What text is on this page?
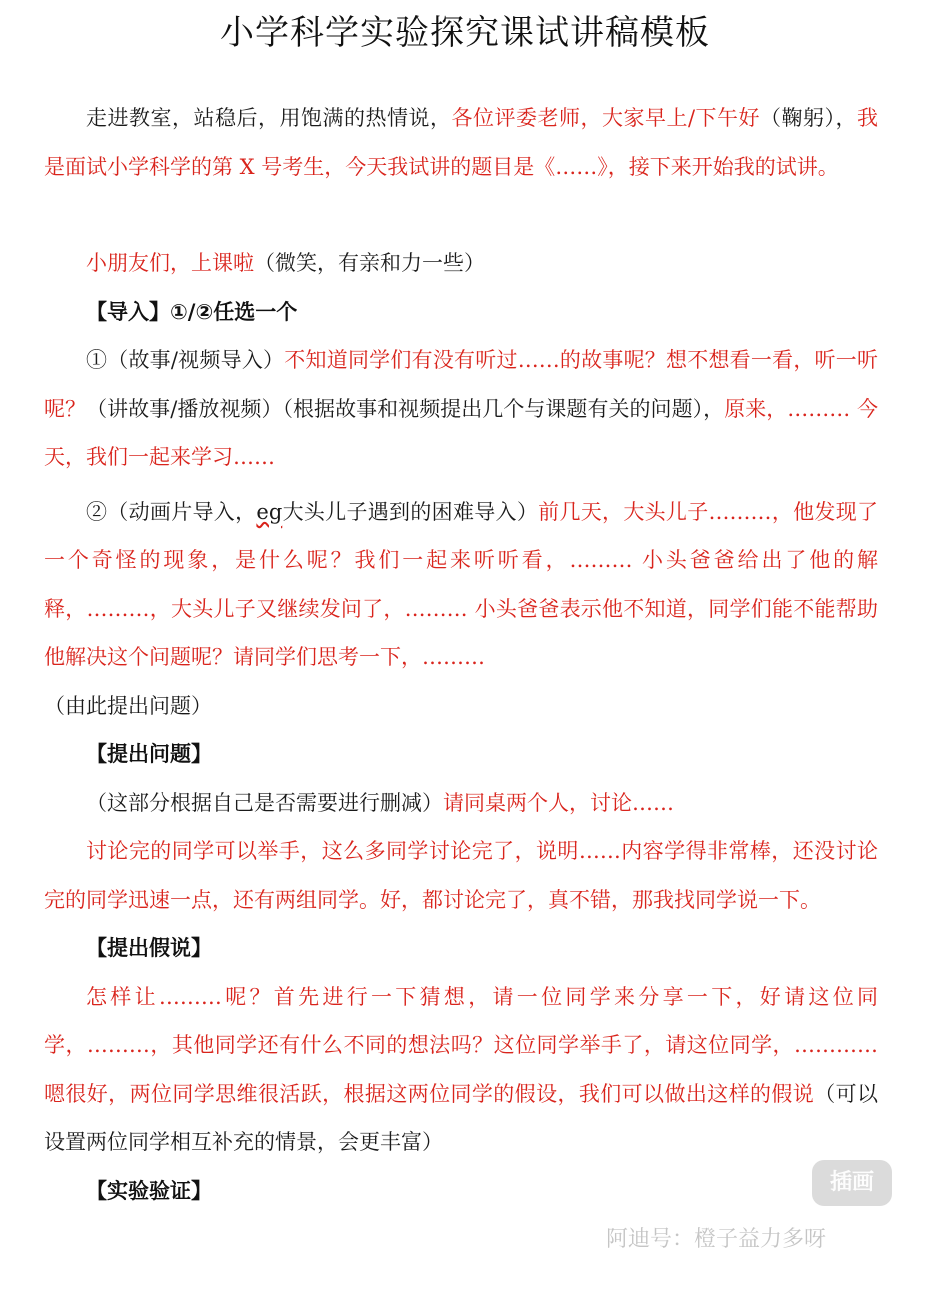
小学科学实验探究课试讲稿模板

走进教室，站稳后，用饱满的热情说，各位评委老师，大家早上/下午好（鞠躬），我是面试小学科学的第 X 号考生，今天我试讲的题目是《……》，接下来开始我的试讲。

小朋友们，上课啦（微笑，有亲和力一些）

【导入】①/②任选一个

①（故事/视频导入）不知道同学们有没有听过……的故事呢？想不想看一看，听一听呢？（讲故事/播放视频）（根据故事和视频提出几个与课题有关的问题），原来，……… 今天，我们一起来学习……

②（动画片导入，eg大头儿子遇到的困难导入）前几天，大头儿子………，他发现了一个奇怪的现象，是什么呢？我们一起来听听看，……… 小头爸爸给出了他的解释，………，大头儿子又继续发问了，……… 小头爸爸表示他不知道，同学们能不能帮助他解决这个问题呢？请同学们思考一下，………

（由此提出问题）

【提出问题】

（这部分根据自己是否需要进行删减）请同桌两个人，讨论……

讨论完的同学可以举手，这么多同学讨论完了，说明……内容学得非常棒，还没讨论完的同学迅速一点，还有两组同学。好，都讨论完了，真不错，那我找同学说一下。

【提出假说】

怎样让………呢？首先进行一下猜想，请一位同学来分享一下，好请这位同学，………，其他同学还有什么不同的想法吗？这位同学举手了，请这位同学，………… 嗯很好，两位同学思维很活跃，根据这两位同学的假设，我们可以做出这样的假说（可以设置两位同学相互补充的情景，会更丰富）

【实验验证】	插画
阿迪号：橙子益力多呀
